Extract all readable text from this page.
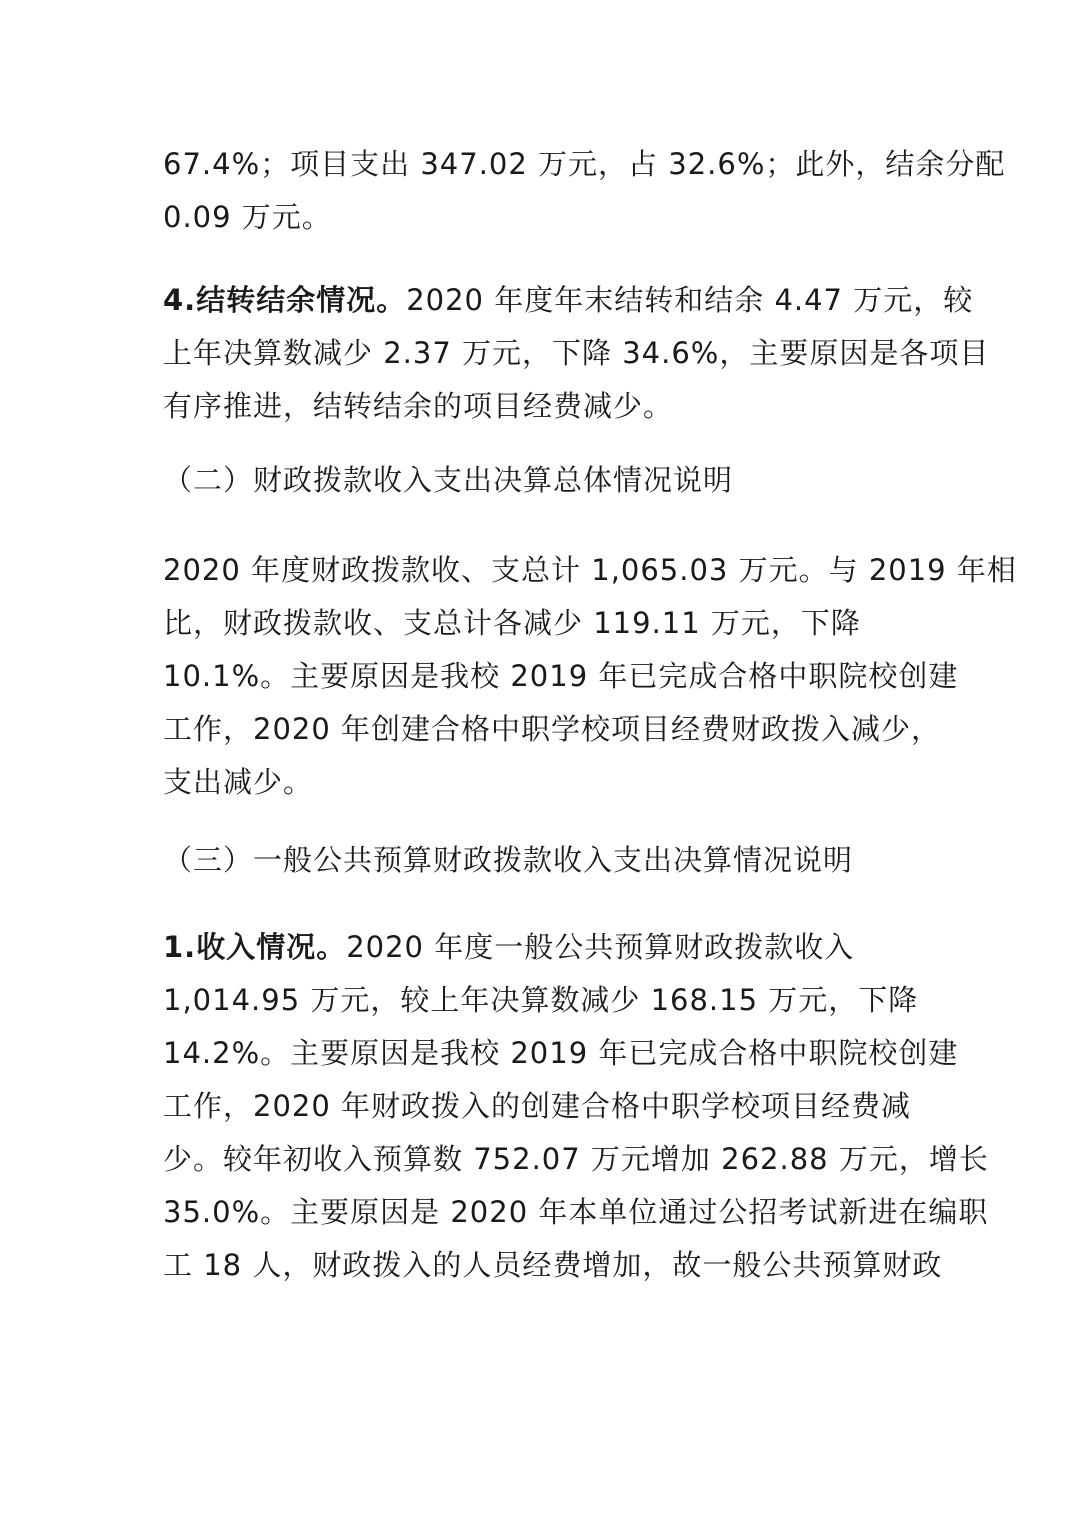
67.4%；项目支出 347.02 万元，占 32.6%；此外，结余分配
0.09 万元。
4.结转结余情况。2020 年度年末结转和结余 4.47 万元，较
上年决算数减少 2.37 万元，下降 34.6%，主要原因是各项目
有序推进，结转结余的项目经费减少。
（二）财政拨款收入支出决算总体情况说明
2020 年度财政拨款收、支总计 1,065.03 万元。与 2019 年相
比，财政拨款收、支总计各减少 119.11 万元，下降
10.1%。主要原因是我校 2019 年已完成合格中职院校创建
工作，2020 年创建合格中职学校项目经费财政拨入减少，
支出减少。
（三）一般公共预算财政拨款收入支出决算情况说明
1.收入情况。2020 年度一般公共预算财政拨款收入
1,014.95 万元，较上年决算数减少 168.15 万元，下降
14.2%。主要原因是我校 2019 年已完成合格中职院校创建
工作，2020 年财政拨入的创建合格中职学校项目经费减
少。较年初收入预算数 752.07 万元增加 262.88 万元，增长
35.0%。主要原因是 2020 年本单位通过公招考试新进在编职
工 18 人，财政拨入的人员经费增加，故一般公共预算财政
